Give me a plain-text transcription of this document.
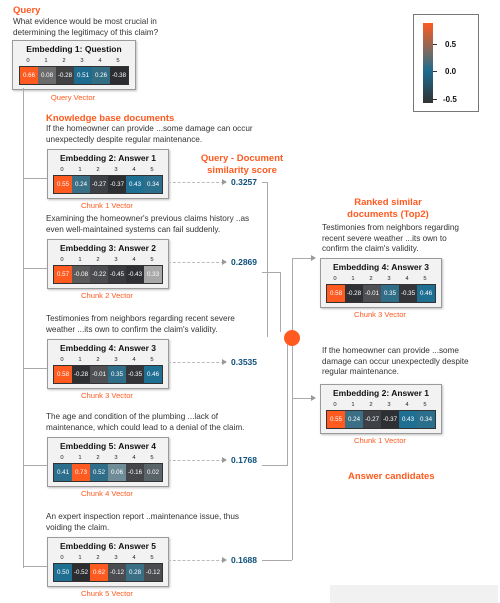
Query
What evidence would be most crucial in determining the legitimacy of this claim?
Embedding 1: Question
0	1	2	3	4	5
0.66 0.08 -0.28 0.51 0.26 -0.38
Query Vector
Knowledge base documents
If the homeowner can provide ...some damage can occur unexpectedly despite regular maintenance.
Embedding 2: Answer 1
0	1	2	3	4	5
0.55 0.24 -0.27 -0.37 0.43 0.34
Chunk 1 Vector
0.3257
Examining the homeowner's previous claims history ..as even well-maintained systems can fail suddenly.
Embedding 3: Answer 2
0	1	2	3	4	5
0.57 -0.08 -0.22 -0.45 -0.43 0.33
Chunk 2 Vector
0.2869
Testimonies from neighbors regarding recent severe weather ...its own to confirm the claim's validity.
Embedding 4: Answer 3
0	1	2	3	4	5
0.58 -0.28 -0.01 0.35 -0.35 0.46
Chunk 3 Vector
0.3535
The age and condition of the plumbing ...lack of maintenance, which could lead to a denial of the claim.
Embedding 5: Answer 4
0	1	2	3	4	5
0.41 0.73 0.52 0.06 -0.16 0.02
Chunk 4 Vector
0.1768
An expert inspection report ..maintenance issue, thus voiding the claim.
Embedding 6: Answer 5
0	1	2	3	4	5
0.50 -0.52 0.62 -0.12 0.28 -0.12
Chunk 5 Vector
0.1688
Query - Document similarity score
Ranked similar documents (Top2)
Testimonies from neighbors regarding recent severe weather ...its own to confirm the claim's validity.
Embedding 4: Answer 3
0	1	2	3	4	5
0.58 -0.28 -0.01 0.35 -0.35 0.46
Chunk 3 Vector
If the homeowner can provide ...some damage can occur unexpectedly despite regular maintenance.
Embedding 2: Answer 1
0	1	2	3	4	5
0.55 0.24 -0.27 -0.37 0.43 0.34
Chunk 1 Vector
Answer candidates
0.5
0.0
-0.5
